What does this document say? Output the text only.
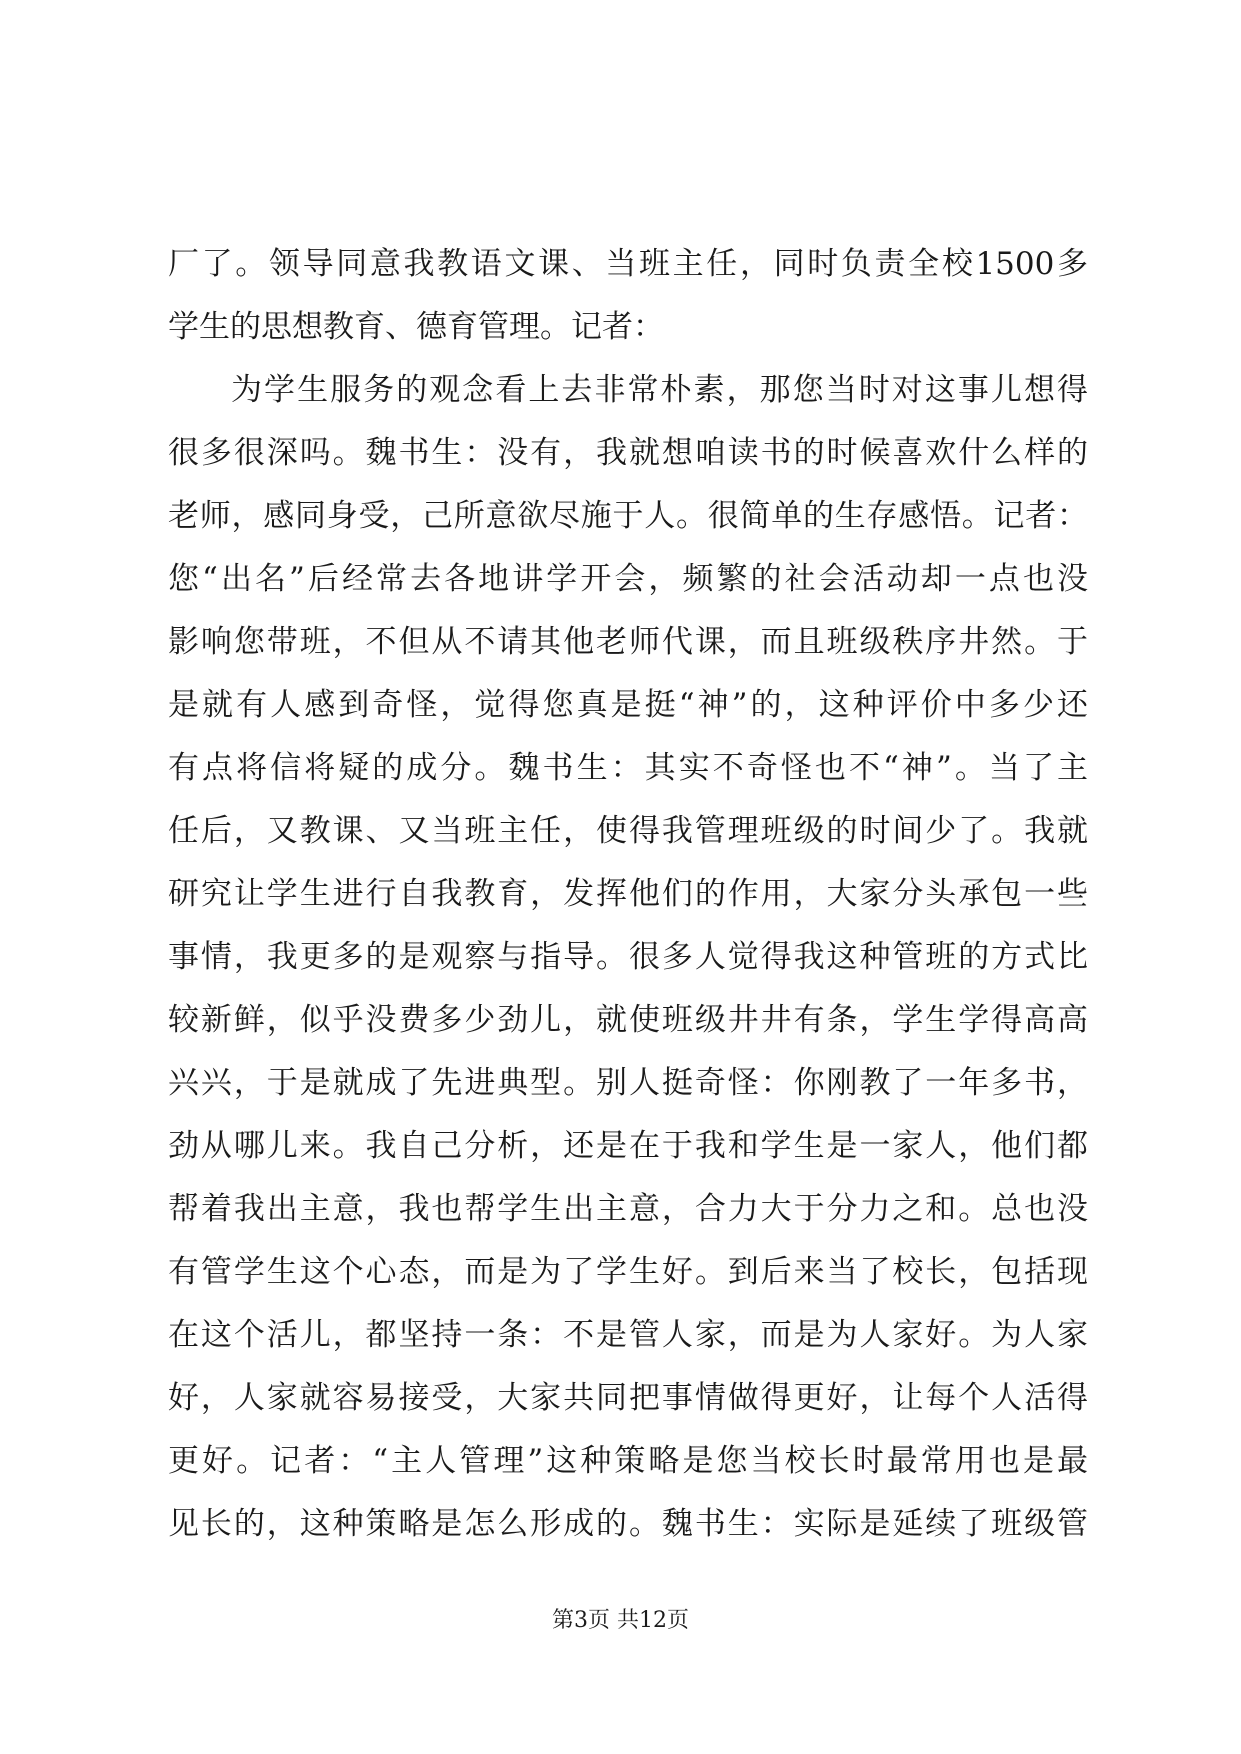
厂了。领导同意我教语文课、当班主任，同时负责全校1500多
学生的思想教育、德育管理。记者：
为学生服务的观念看上去非常朴素，那您当时对这事儿想得
很多很深吗。魏书生：没有，我就想咱读书的时候喜欢什么样的
老师，感同身受，己所意欲尽施于人。很简单的生存感悟。记者：
您“出名”后经常去各地讲学开会，频繁的社会活动却一点也没
影响您带班，不但从不请其他老师代课，而且班级秩序井然。于
是就有人感到奇怪，觉得您真是挺“神”的，这种评价中多少还
有点将信将疑的成分。魏书生：其实不奇怪也不“神”。当了主
任后，又教课、又当班主任，使得我管理班级的时间少了。我就
研究让学生进行自我教育，发挥他们的作用，大家分头承包一些
事情，我更多的是观察与指导。很多人觉得我这种管班的方式比
较新鲜，似乎没费多少劲儿，就使班级井井有条，学生学得高高
兴兴，于是就成了先进典型。别人挺奇怪：你刚教了一年多书，
劲从哪儿来。我自己分析，还是在于我和学生是一家人，他们都
帮着我出主意，我也帮学生出主意，合力大于分力之和。总也没
有管学生这个心态，而是为了学生好。到后来当了校长，包括现
在这个活儿，都坚持一条：不是管人家，而是为人家好。为人家
好，人家就容易接受，大家共同把事情做得更好，让每个人活得
更好。记者：“主人管理”这种策略是您当校长时最常用也是最
见长的，这种策略是怎么形成的。魏书生：实际是延续了班级管
第3页 共12页
